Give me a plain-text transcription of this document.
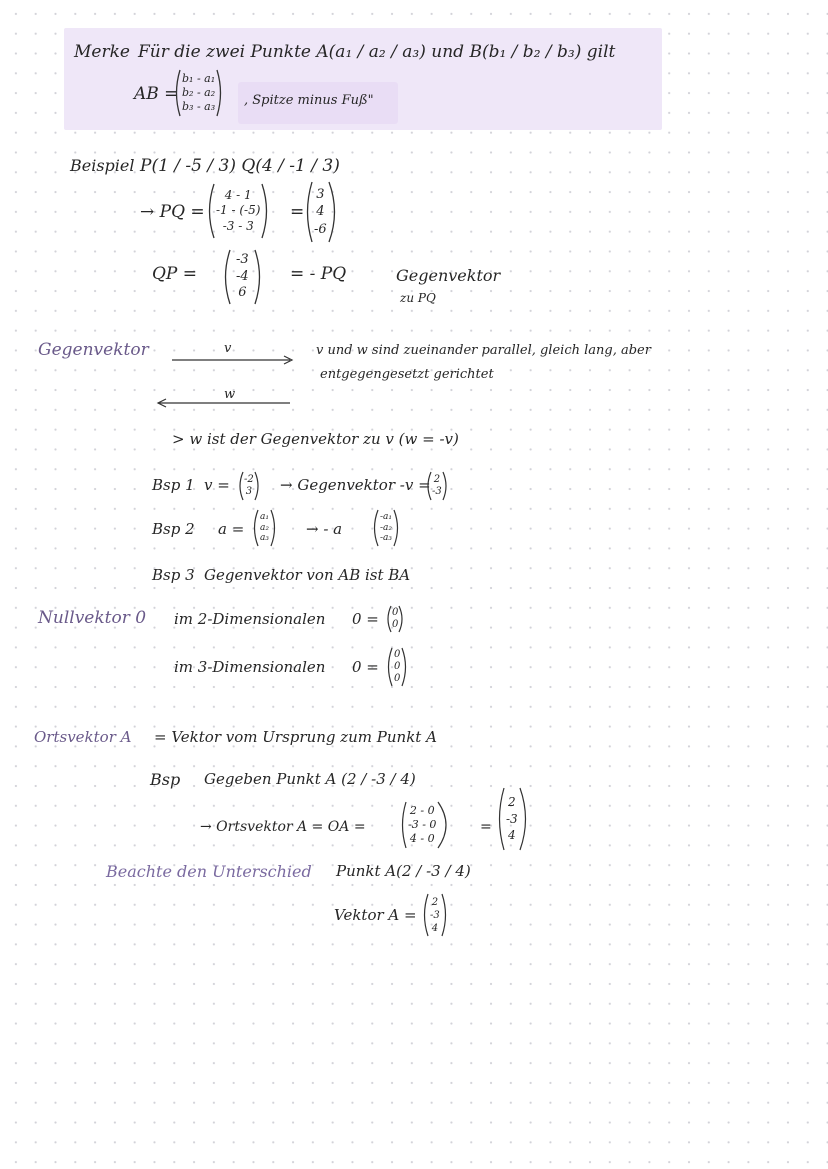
Merke Für die zwei Punkte A(a₁ / a₂ / a₃) und B(b₁ / b₂ / b₃) gilt
AB =
b₁ - a₁
b₂ - a₂
b₃ - a₃ , Spitze minus Fuß"
Beispiel P(1 / -5 / 3) Q(4 / -1 / 3)
→ PQ =
4 - 1
-1 - (-5)
-3 - 3
=
3
4
-6
QP =
-3
-4
6
= - PQ	Gegenvektor
zu PQ
Gegenvektor	v
w
v und w sind zueinander parallel, gleich lang, aber
entgegengesetzt gerichtet
> w ist der Gegenvektor zu v (w = -v)
Bsp 1 v = -2
3 → Gegenvektor -v = 2
-3
Bsp 2 a =
a₁
a₂
a₃
→ - a
-a₁
-a₂
-a₃
Bsp 3 Gegenvektor von AB ist BA
Nullvektor 0 im 2-Dimensionalen 0 = 0
0
im 3-Dimensionalen 0 =
0
0
0
Ortsvektor A = Vektor vom Ursprung zum Punkt A
Bsp Gegeben Punkt A (2 / -3 / 4)
→ Ortsvektor A = OA =
2 - 0
-3 - 0
4 - 0
=
2
-3
4
Beachte den Unterschied Punkt A(2 / -3 / 4)
Vektor A =
2
-3
4
